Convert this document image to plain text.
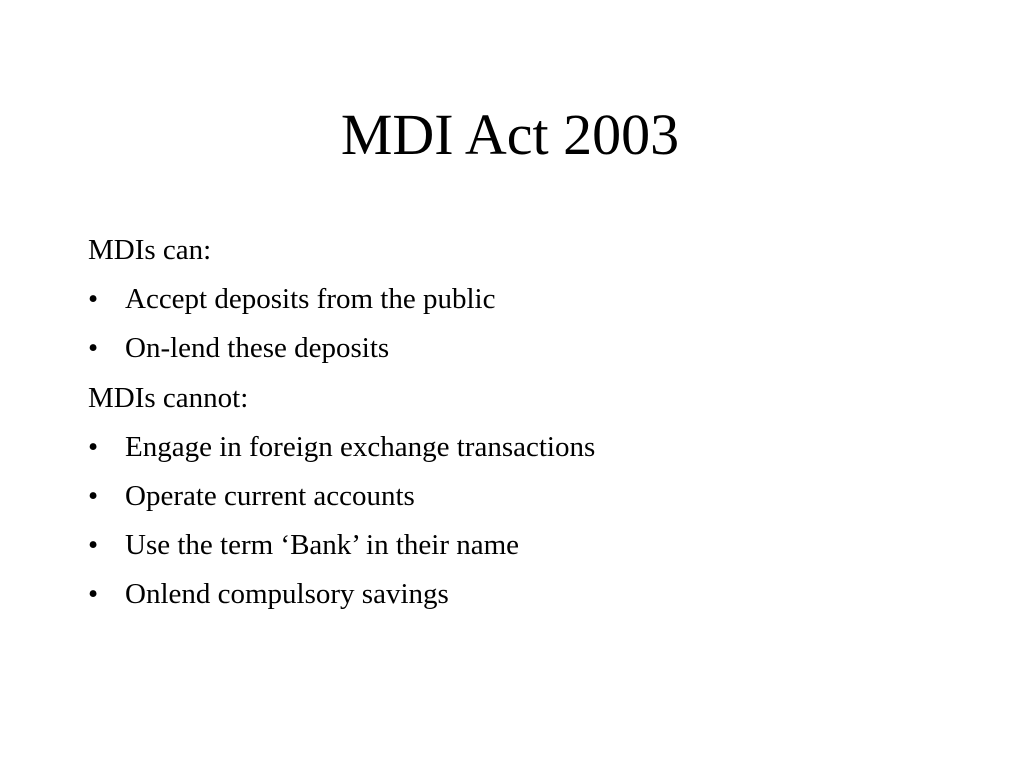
MDI Act 2003
MDIs can:
• Accept deposits from the public
• On-lend these deposits
MDIs cannot:
• Engage in foreign exchange transactions
• Operate current accounts
• Use the term ‘Bank’ in their name
• Onlend compulsory savings
